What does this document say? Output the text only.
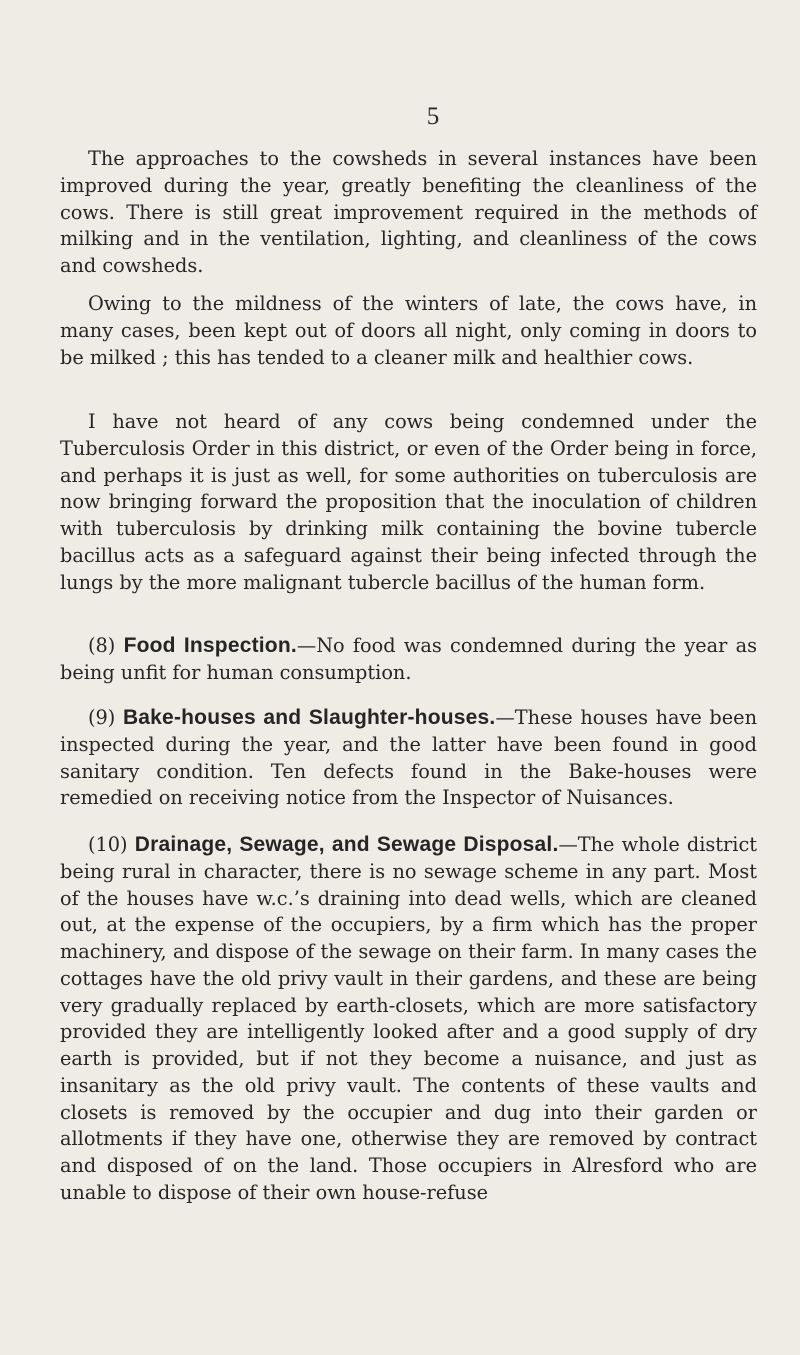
5

The approaches to the cowsheds in several instances have been improved during the year, greatly benefiting the cleanliness of the cows. There is still great improvement required in the methods of milking and in the ventilation, lighting, and cleanliness of the cows and cowsheds.

Owing to the mildness of the winters of late, the cows have, in many cases, been kept out of doors all night, only coming in doors to be milked ; this has tended to a cleaner milk and healthier cows.

I have not heard of any cows being condemned under the Tuberculosis Order in this district, or even of the Order being in force, and perhaps it is just as well, for some authorities on tuberculosis are now bringing forward the proposition that the inoculation of children with tuberculosis by drinking milk containing the bovine tubercle bacillus acts as a safeguard against their being infected through the lungs by the more malignant tubercle bacillus of the human form.

(8) Food Inspection.—No food was condemned during the year as being unfit for human consumption.

(9) Bake-houses and Slaughter-houses.—These houses have been inspected during the year, and the latter have been found in good sanitary condition. Ten defects found in the Bake-houses were remedied on receiving notice from the Inspector of Nuisances.

(10) Drainage, Sewage, and Sewage Disposal.—The whole district being rural in character, there is no sewage scheme in any part. Most of the houses have w.c.’s draining into dead wells, which are cleaned out, at the expense of the occupiers, by a firm which has the proper machinery, and dispose of the sewage on their farm. In many cases the cottages have the old privy vault in their gardens, and these are being very gradually replaced by earth-closets, which are more satisfactory provided they are intelligently looked after and a good supply of dry earth is provided, but if not they become a nuisance, and just as insanitary as the old privy vault. The contents of these vaults and closets is removed by the occupier and dug into their garden or allotments if they have one, otherwise they are removed by contract and disposed of on the land. Those occupiers in Alresford who are unable to dispose of their own house-refuse
